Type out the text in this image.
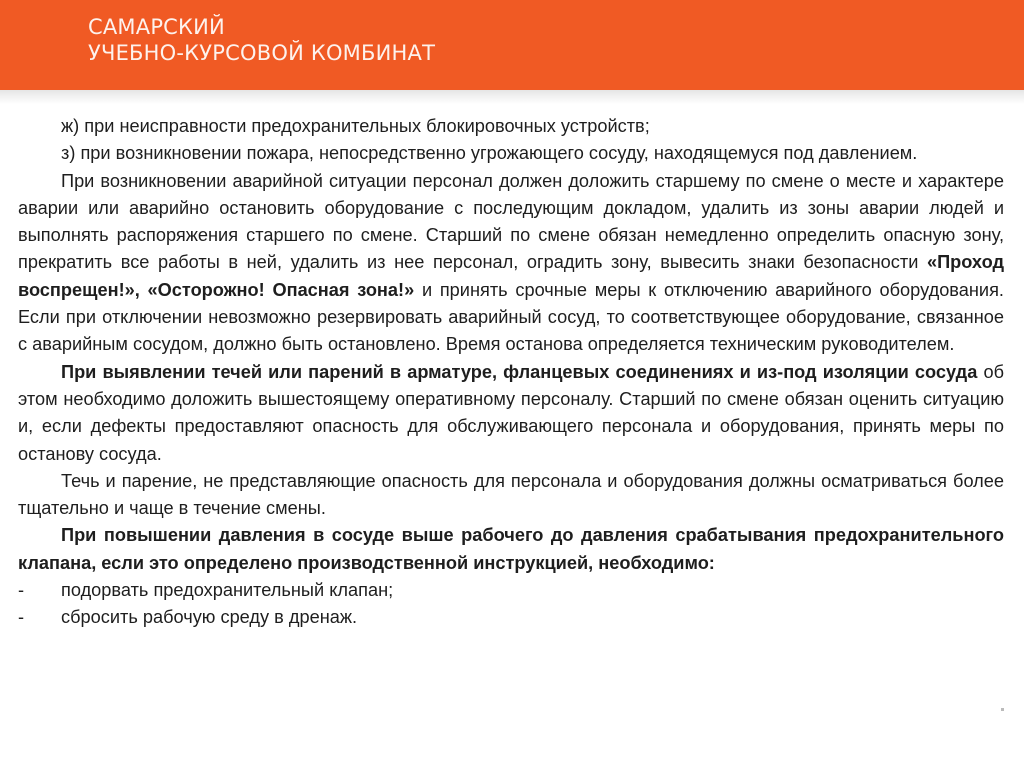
САМАРСКИЙ
УЧЕБНО-КУРСОВОЙ КОМБИНАТ

ж) при неисправности предохранительных блокировочных устройств;

з) при возникновении пожара, непосредственно угрожающего сосуду, находящемуся под давлением.

При возникновении аварийной ситуации персонал должен доложить старшему по смене о месте и характере аварии или аварийно остановить оборудование с последующим докладом, удалить из зоны аварии людей и выполнять распоряжения старшего по смене. Старший по смене обязан немедленно определить опасную зону, прекратить все работы в ней, удалить из нее персонал, оградить зону, вывесить знаки безопасности «Проход воспрещен!», «Осторожно! Опасная зона!» и принять срочные меры к отключению аварийного оборудования. Если при отключении невозможно резервировать аварийный сосуд, то соответствующее оборудование, связанное с аварийным сосудом, должно быть остановлено. Время останова определяется техническим руководителем.

При выявлении течей или парений в арматуре, фланцевых соединениях и из-под изоляции сосуда об этом необходимо доложить вышестоящему оперативному персоналу. Старший по смене обязан оценить ситуацию и, если дефекты предоставляют опасность для обслуживающего персонала и оборудования, принять меры по останову сосуда.

Течь и парение, не представляющие опасность для персонала и оборудования должны осматриваться более тщательно и чаще в течение смены.

При повышении давления в сосуде выше рабочего до давления срабатывания предохранительного клапана, если это определено производственной инструкцией, необходимо:

-	подорвать предохранительный клапан;
-	сбросить рабочую среду в дренаж.
